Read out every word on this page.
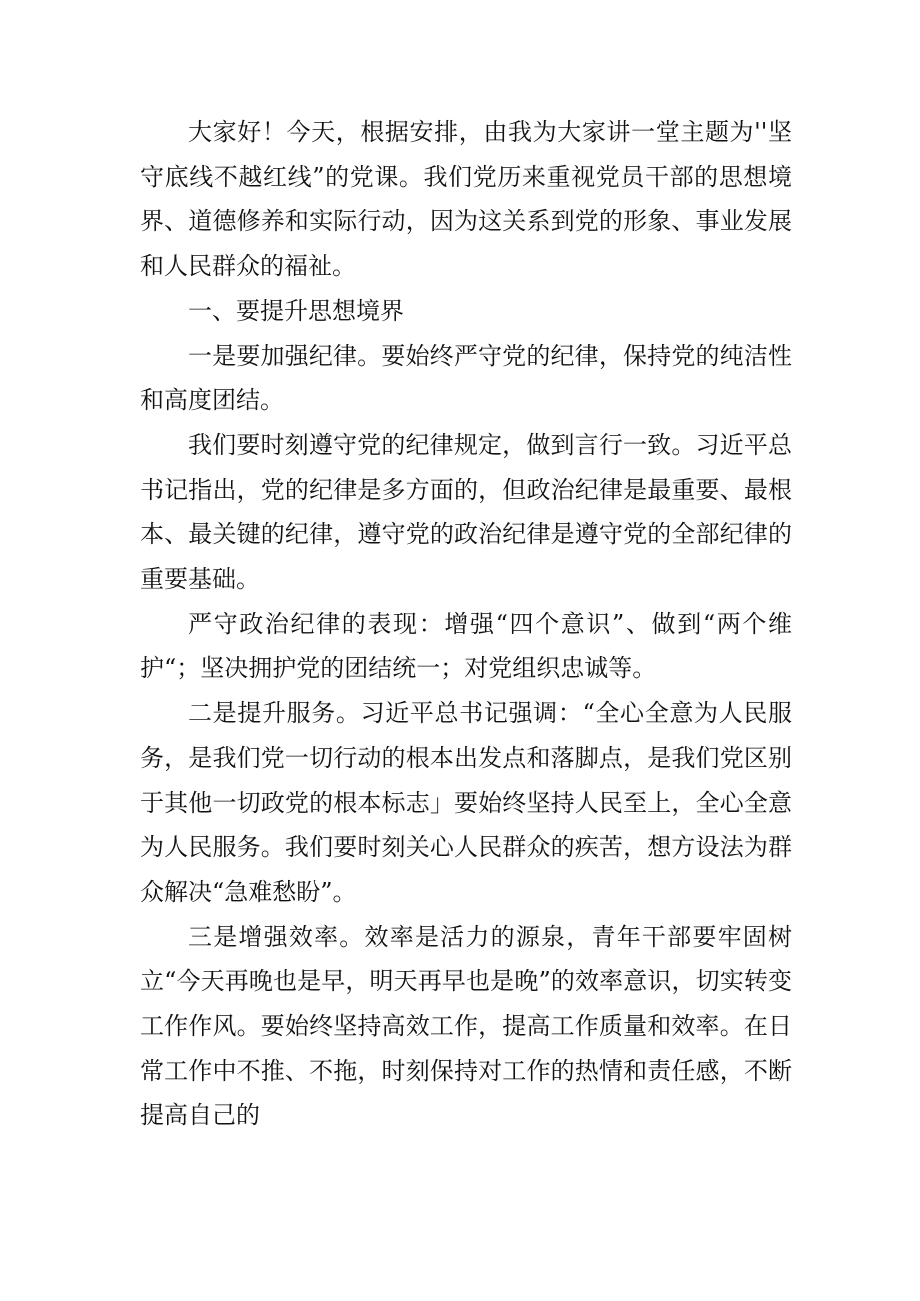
大家好！今天，根据安排，由我为大家讲一堂主题为''坚守底线不越红线”的党课。我们党历来重视党员干部的思想境界、道德修养和实际行动，因为这关系到党的形象、事业发展和人民群众的福祉。

一、要提升思想境界

一是要加强纪律。要始终严守党的纪律，保持党的纯洁性和高度团结。

我们要时刻遵守党的纪律规定，做到言行一致。习近平总书记指出，党的纪律是多方面的，但政治纪律是最重要、最根本、最关键的纪律，遵守党的政治纪律是遵守党的全部纪律的重要基础。

严守政治纪律的表现：增强“四个意识”、做到“两个维护“；坚决拥护党的团结统一；对党组织忠诚等。

二是提升服务。习近平总书记强调：“全心全意为人民服务，是我们党一切行动的根本出发点和落脚点，是我们党区别于其他一切政党的根本标志」要始终坚持人民至上，全心全意为人民服务。我们要时刻关心人民群众的疾苦，想方设法为群众解决“急难愁盼”。

三是增强效率。效率是活力的源泉，青年干部要牢固树立“今天再晚也是早，明天再早也是晚”的效率意识，切实转变工作作风。要始终坚持高效工作，提高工作质量和效率。在日常工作中不推、不拖，时刻保持对工作的热情和责任感，不断提高自己的
